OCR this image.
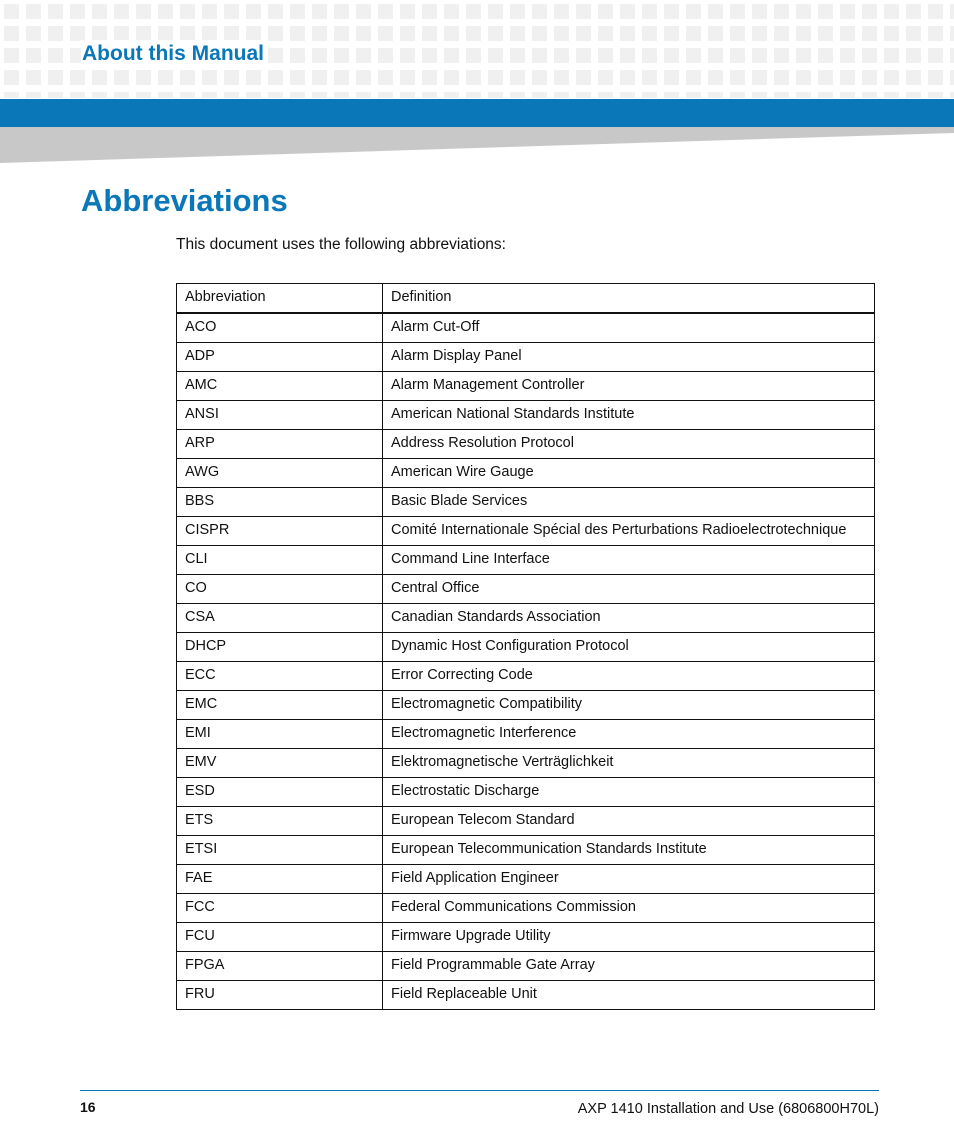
About this Manual
Abbreviations

This document uses the following abbreviations:

Abbreviation	Definition
ACO	Alarm Cut-Off
ADP	Alarm Display Panel
AMC	Alarm Management Controller
ANSI	American National Standards Institute
ARP	Address Resolution Protocol
AWG	American Wire Gauge
BBS	Basic Blade Services
CISPR	Comité Internationale Spécial des Perturbations Radioelectrotechnique
CLI	Command Line Interface
CO	Central Office
CSA	Canadian Standards Association
DHCP	Dynamic Host Configuration Protocol
ECC	Error Correcting Code
EMC	Electromagnetic Compatibility
EMI	Electromagnetic Interference
EMV	Elektromagnetische Verträglichkeit
ESD	Electrostatic Discharge
ETS	European Telecom Standard
ETSI	European Telecommunication Standards Institute
FAE	Field Application Engineer
FCC	Federal Communications Commission
FCU	Firmware Upgrade Utility
FPGA	Field Programmable Gate Array
FRU	Field Replaceable Unit
16	AXP 1410 Installation and Use (6806800H70L)
